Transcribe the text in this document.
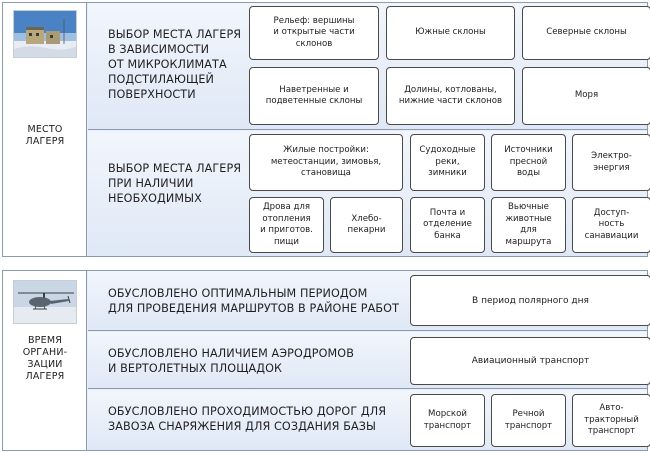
МЕСТО
ЛАГЕРЯ
ВЫБОР МЕСТА ЛАГЕРЯ
В ЗАВИСИМОСТИ
ОТ МИКРОКЛИМАТА
ПОДСТИЛАЮЩЕЙ
ПОВЕРХНОСТИ
Рельеф: вершины
и открытые части
склонов
Южные склоны	Северные склоны
Наветренные и
подветенные склоны
Долины, котлованы,
нижние части склонов
Моря
ВЫБОР МЕСТА ЛАГЕРЯ
ПРИ НАЛИЧИИ
НЕОБХОДИМЫХ
Жилые постройки:
метеостанции, зимовья,
становища
Судоходные
реки,
зимники
Источники
пресной
воды
Электро-
энергия
Дрова для
отопления
и приготов.
пищи
Хлебо-
пекарни
Почта и
отделение
банка
Вьючные
животные
для
маршрута
Доступ-
ность
санавиации
ВРЕМЯ
ОРГАНИ-
ЗАЦИИ
ЛАГЕРЯ
ОБУСЛОВЛЕНО ОПТИМАЛЬНЫМ ПЕРИОДОМ
ДЛЯ ПРОВЕДЕНИЯ МАРШРУТОВ В РАЙОНЕ РАБОТ
В период полярного дня
ОБУСЛОВЛЕНО НАЛИЧИЕМ АЭРОДРОМОВ
И ВЕРТОЛЕТНЫХ ПЛОЩАДОК
Авиационный транспорт
ОБУСЛОВЛЕНО ПРОХОДИМОСТЬЮ ДОРОГ ДЛЯ
ЗАВОЗА СНАРЯЖЕНИЯ ДЛЯ СОЗДАНИЯ БАЗЫ
Морской
транспорт
Речной
транспорт
Авто-
тракторный
транспорт
